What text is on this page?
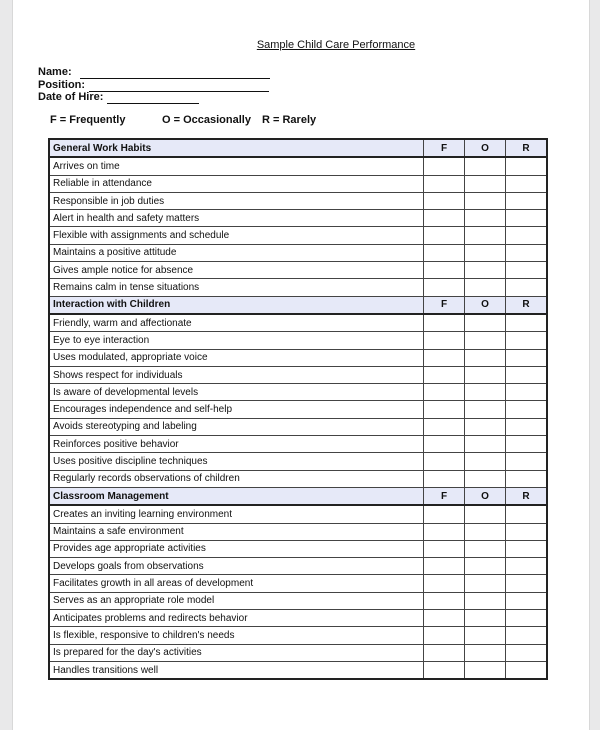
Sample Child Care Performance
Name:
Position:
Date of Hire:
F = Frequently	O = Occasionally R = Rarely
General Work Habits	F	O	R
Arrives on time			
Reliable in attendance			
Responsible in job duties			
Alert in health and safety matters			
Flexible with assignments and schedule			
Maintains a positive attitude			
Gives ample notice for absence			
Remains calm in tense situations			
Interaction with Children	F	O	R
Friendly, warm and affectionate			
Eye to eye interaction			
Uses modulated, appropriate voice			
Shows respect for individuals			
Is aware of developmental levels			
Encourages independence and self-help			
Avoids stereotyping and labeling			
Reinforces positive behavior			
Uses positive discipline techniques			
Regularly records observations of children			
Classroom Management	F	O	R
Creates an inviting learning environment			
Maintains a safe environment			
Provides age appropriate activities			
Develops goals from observations			
Facilitates growth in all areas of development			
Serves as an appropriate role model			
Anticipates problems and redirects behavior			
Is flexible, responsive to children's needs			
Is prepared for the day's activities			
Handles transitions well			
